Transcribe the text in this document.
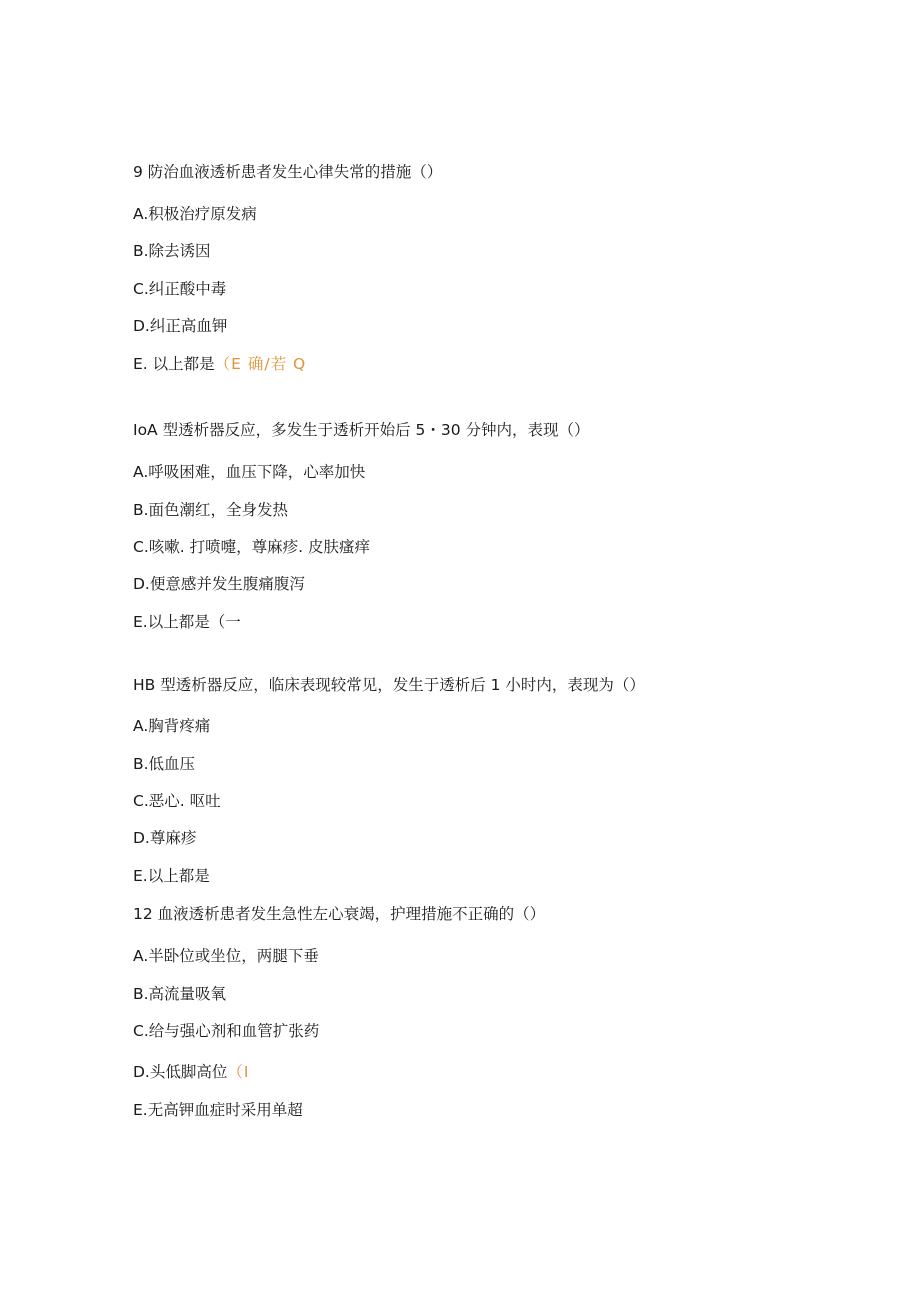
9 防治血液透析患者发生心律失常的措施（）
A.积极治疗原发病
B.除去诱因
C.纠正酸中毒
D.纠正高血钾
E. 以上都是（E 确/若 Q
IoA 型透析器反应，多发生于透析开始后 5・30 分钟内，表现（）
A.呼吸困难，血压下降，心率加快
B.面色潮红，全身发热
C.咳嗽. 打喷嚏，尊麻疹. 皮肤瘙痒
D.便意感并发生腹痛腹泻
E.以上都是（一
HB 型透析器反应，临床表现较常见，发生于透析后 1 小时内，表现为（）
A.胸背疼痛
B.低血压
C.恶心. 呕吐
D.尊麻疹
E.以上都是
12 血液透析患者发生急性左心衰竭，护理措施不正确的（）
A.半卧位或坐位，两腿下垂
B.高流量吸氧
C.给与强心剂和血管扩张药
D.头低脚高位（I
E.无高钾血症时采用单超
